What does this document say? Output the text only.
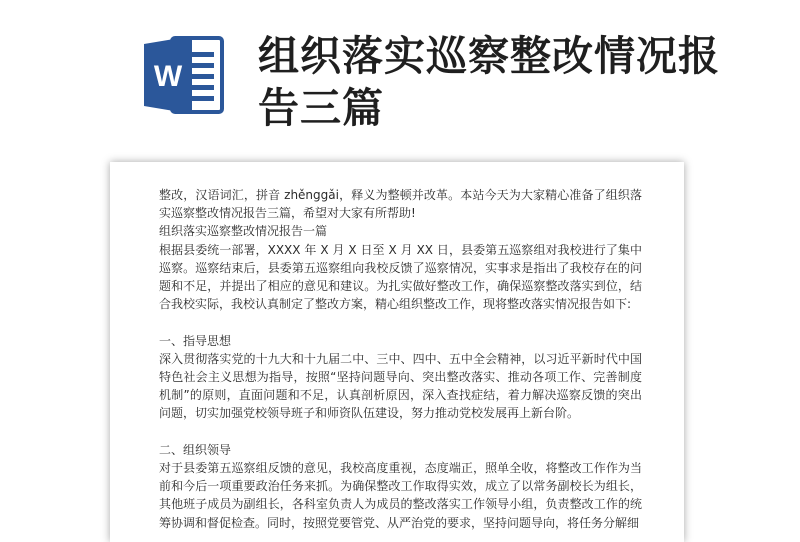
W 组织落实巡察整改情况报告三篇

整改，汉语词汇，拼音 zhěnggǎi，释义为整顿并改革。本站今天为大家精心准备了组织落实巡察整改情况报告三篇，希望对大家有所帮助!

组织落实巡察整改情况报告一篇

根据县委统一部署，XXXX 年 X 月 X 日至 X 月 XX 日，县委第五巡察组对我校进行了集中巡察。巡察结束后，县委第五巡察组向我校反馈了巡察情况，实事求是指出了我校存在的问题和不足，并提出了相应的意见和建议。为扎实做好整改工作，确保巡察整改落实到位，结合我校实际，我校认真制定了整改方案，精心组织整改工作，现将整改落实情况报告如下:

一、指导思想

深入贯彻落实党的十九大和十九届二中、三中、四中、五中全会精神，以习近平新时代中国特色社会主义思想为指导，按照“坚持问题导向、突出整改落实、推动各项工作、完善制度机制”的原则，直面问题和不足，认真剖析原因，深入查找症结，着力解决巡察反馈的突出问题，切实加强党校领导班子和师资队伍建设，努力推动党校发展再上新台阶。

二、组织领导

对于县委第五巡察组反馈的意见，我校高度重视，态度端正，照单全收，将整改工作作为当前和今后一项重要政治任务来抓。为确保整改工作取得实效，成立了以常务副校长为组长，其他班子成员为副组长，各科室负责人为成员的整改落实工作领导小组，负责整改工作的统筹协调和督促检查。同时，按照党要管党、从严治党的要求，坚持问题导向，将任务分解细
